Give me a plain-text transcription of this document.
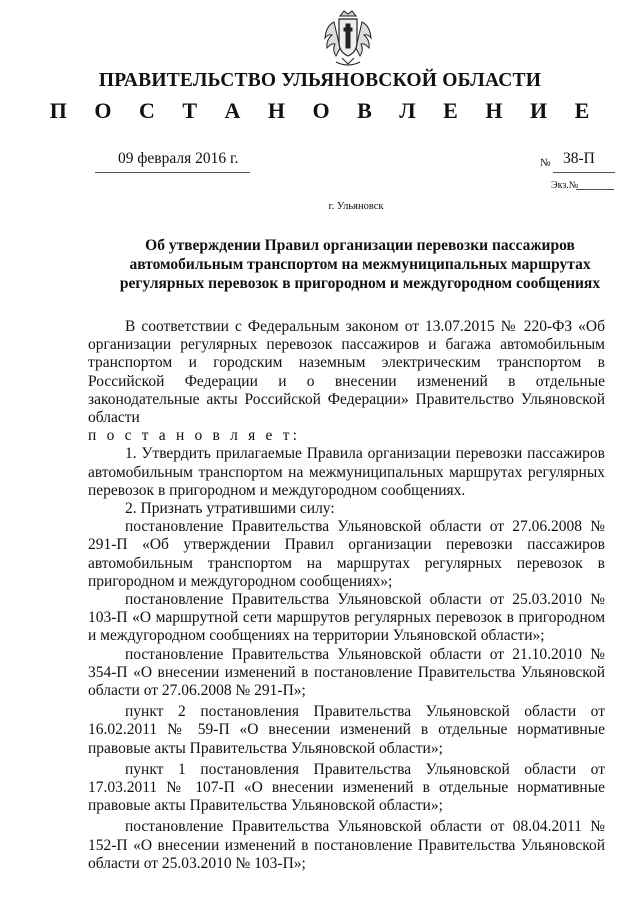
ПРАВИТЕЛЬСТВО УЛЬЯНОВСКОЙ ОБЛАСТИ
П О С Т А Н О В Л Е Н И Е
09 февраля 2016 г.	№ 38-П
Экз.№
г. Ульяновск
Об утверждении Правил организации перевозки пассажиров автомобильным транспортом на межмуниципальных маршрутах регулярных перевозок в пригородном и междугородном сообщениях

В соответствии с Федеральным законом от 13.07.2015 № 220-ФЗ «Об организации регулярных перевозок пассажиров и багажа автомобильным транспортом и городским наземным электрическим транспортом в Российской Федерации и о внесении изменений в отдельные законодательные акты Российской Федерации» Правительство Ульяновской области

п о с т а н о в л я е т:

1. Утвердить прилагаемые Правила организации перевозки пассажиров автомобильным транспортом на межмуниципальных маршрутах регулярных перевозок в пригородном и междугородном сообщениях.

2. Признать утратившими силу:

постановление Правительства Ульяновской области от 27.06.2008 № 291-П «Об утверждении Правил организации перевозки пассажиров автомобильным транспортом на маршрутах регулярных перевозок в пригородном и междугородном сообщениях»;

постановление Правительства Ульяновской области от 25.03.2010 № 103-П «О маршрутной сети маршрутов регулярных перевозок в пригородном и междугородном сообщениях на территории Ульяновской области»;

постановление Правительства Ульяновской области от 21.10.2010 № 354-П «О внесении изменений в постановление Правительства Ульяновской области от 27.06.2008 № 291-П»;

пункт 2 постановления Правительства Ульяновской области от 16.02.2011 № 59-П «О внесении изменений в отдельные нормативные правовые акты Правительства Ульяновской области»;

пункт 1 постановления Правительства Ульяновской области от 17.03.2011 № 107-П «О внесении изменений в отдельные нормативные правовые акты Правительства Ульяновской области»;

постановление Правительства Ульяновской области от 08.04.2011 № 152-П «О внесении изменений в постановление Правительства Ульяновской области от 25.03.2010 № 103-П»;
